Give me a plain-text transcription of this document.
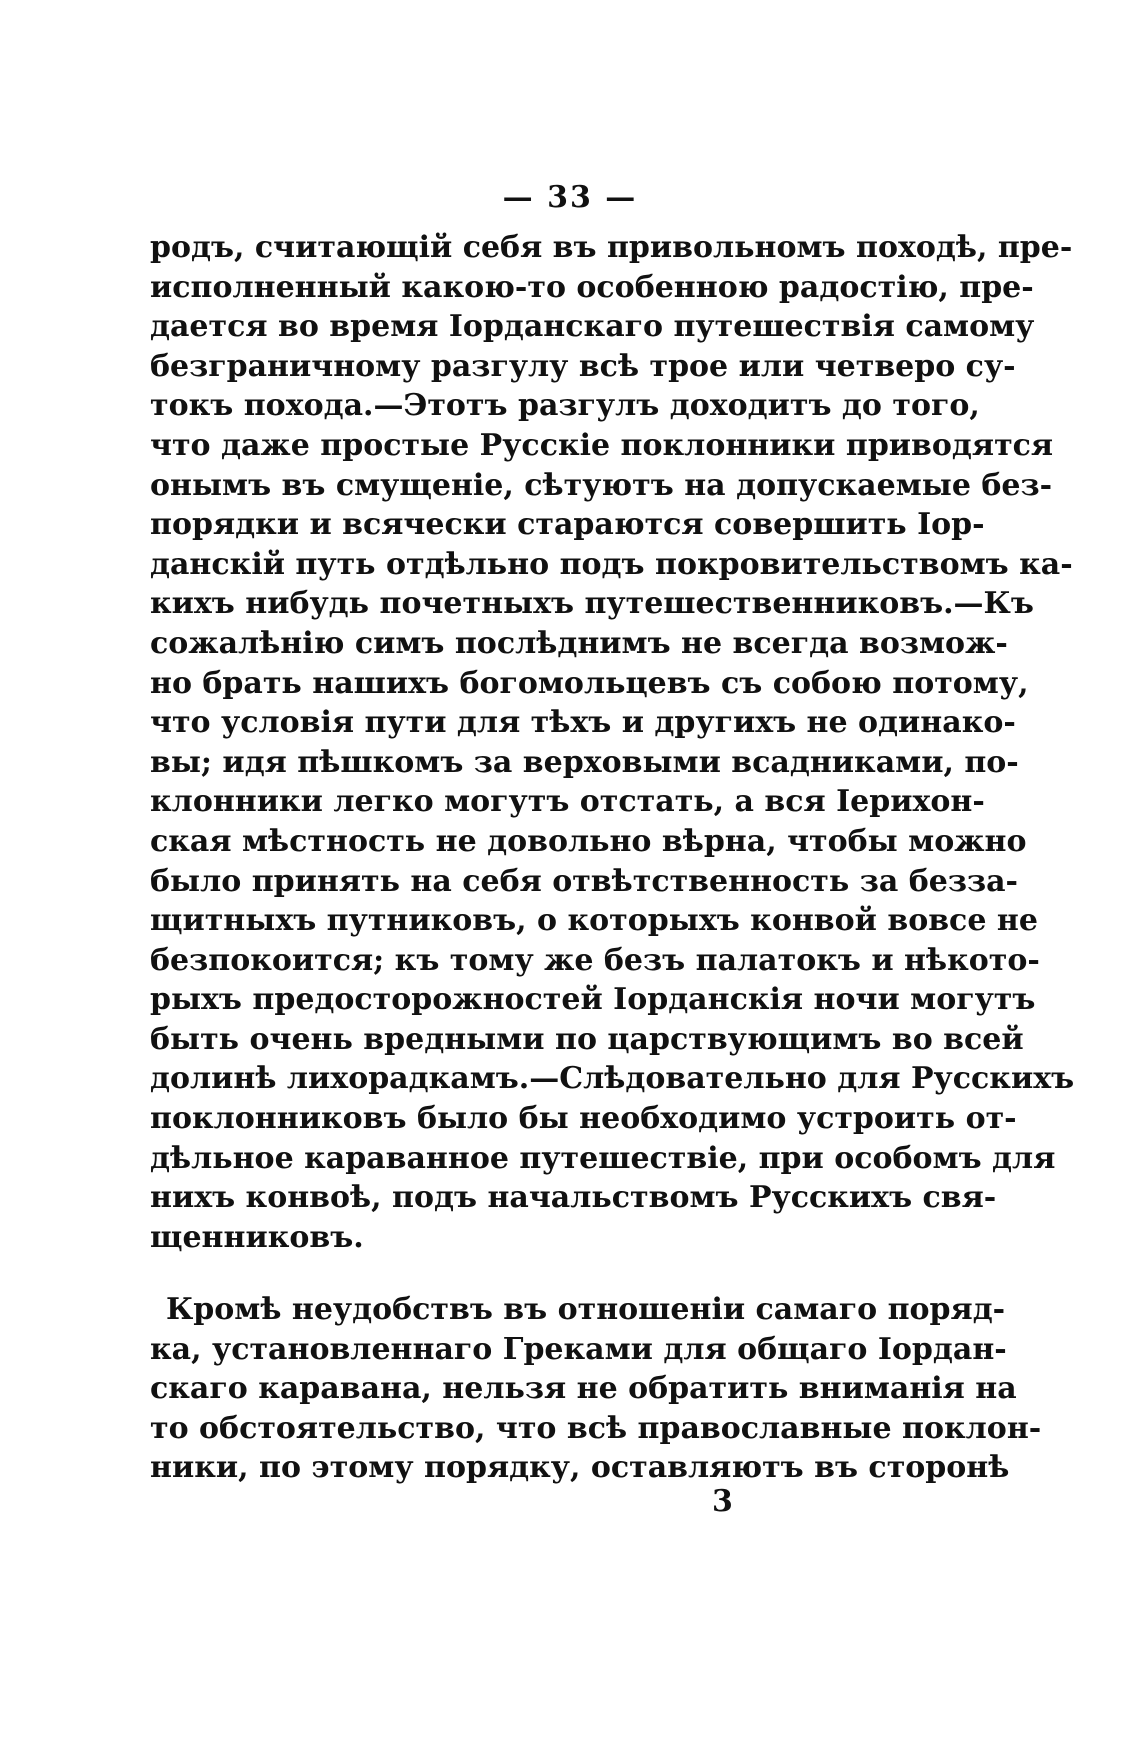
— 33 —
родъ, считающій себя въ привольномъ походѣ, пре-
исполненный какою-то особенною радостію, пре-
дается во время Іорданскаго путешествія самому
безграничному разгулу всѣ трое или четверо су-
токъ похода.—Этотъ разгулъ доходитъ до того,
что даже простые Русскіе поклонники приводятся
онымъ въ смущеніе, сѣтуютъ на допускаемые без-
порядки и всячески стараются совершить Іор-
данскій путь отдѣльно подъ покровительствомъ ка-
кихъ нибудь почетныхъ путешественниковъ.—Къ
сожалѣнію симъ послѣднимъ не всегда возмож-
но брать нашихъ богомольцевъ съ собою потому,
что условія пути для тѣхъ и другихъ не одинако-
вы; идя пѣшкомъ за верховыми всадниками, по-
клонники легко могутъ отстать, а вся Іерихон-
ская мѣстность не довольно вѣрна, чтобы можно
было принять на себя отвѣтственность за безза-
щитныхъ путниковъ, о которыхъ конвой вовсе не
безпокоится; къ тому же безъ палатокъ и нѣкото-
рыхъ предосторожностей Іорданскія ночи могутъ
быть очень вредными по царствующимъ во всей
долинѣ лихорадкамъ.—Слѣдовательно для Русскихъ
поклонниковъ было бы необходимо устроить от-
дѣльное караванное путешествіе, при особомъ для
нихъ конвоѣ, подъ начальствомъ Русскихъ свя-
щенниковъ.
Кромѣ неудобствъ въ отношеніи самаго поряд-
ка, установленнаго Греками для общаго Іордан-
скаго каравана, нельзя не обратить вниманія на
то обстоятельство, что всѣ православные поклон-
ники, по этому порядку, оставляютъ въ сторонѣ
3
